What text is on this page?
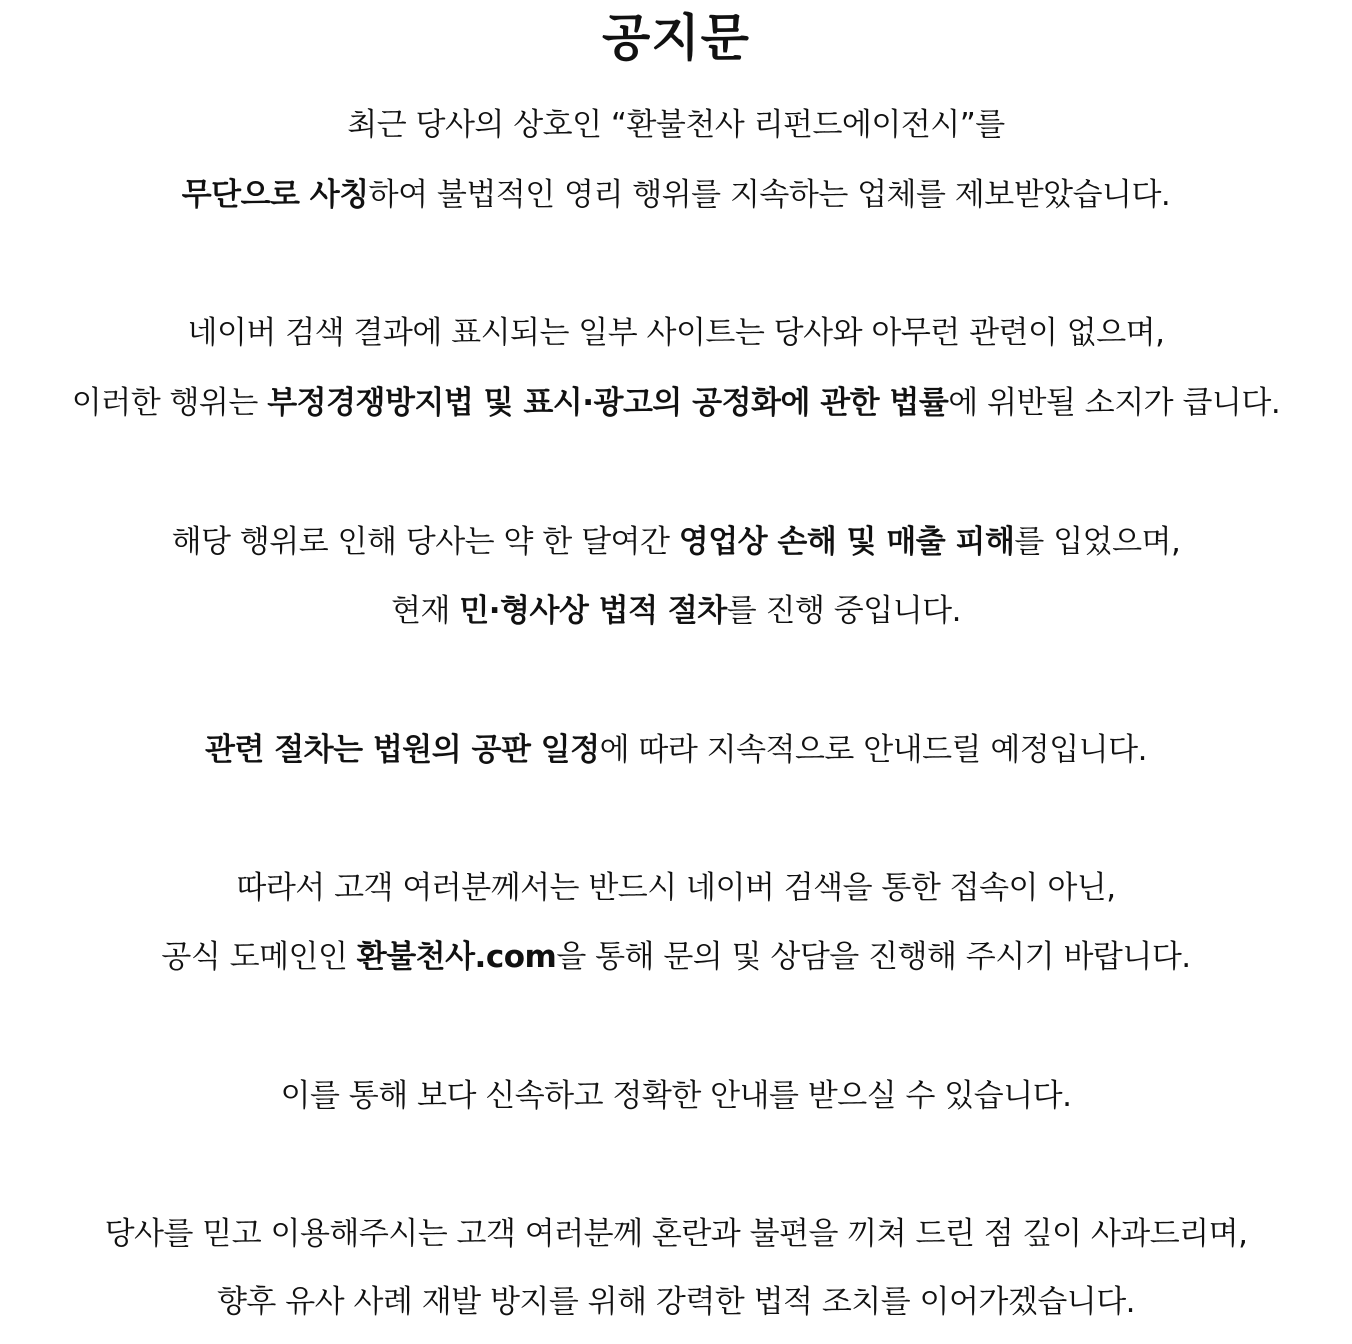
공지문

최근 당사의 상호인 “환불천사 리펀드에이전시”를

무단으로 사칭하여 불법적인 영리 행위를 지속하는 업체를 제보받았습니다.

네이버 검색 결과에 표시되는 일부 사이트는 당사와 아무런 관련이 없으며,

이러한 행위는 부정경쟁방지법 및 표시·광고의 공정화에 관한 법률에 위반될 소지가 큽니다.

해당 행위로 인해 당사는 약 한 달여간 영업상 손해 및 매출 피해를 입었으며,

현재 민·형사상 법적 절차를 진행 중입니다.

관련 절차는 법원의 공판 일정에 따라 지속적으로 안내드릴 예정입니다.

따라서 고객 여러분께서는 반드시 네이버 검색을 통한 접속이 아닌,

공식 도메인인 환불천사.com을 통해 문의 및 상담을 진행해 주시기 바랍니다.

이를 통해 보다 신속하고 정확한 안내를 받으실 수 있습니다.

당사를 믿고 이용해주시는 고객 여러분께 혼란과 불편을 끼쳐 드린 점 깊이 사과드리며,

향후 유사 사례 재발 방지를 위해 강력한 법적 조치를 이어가겠습니다.
